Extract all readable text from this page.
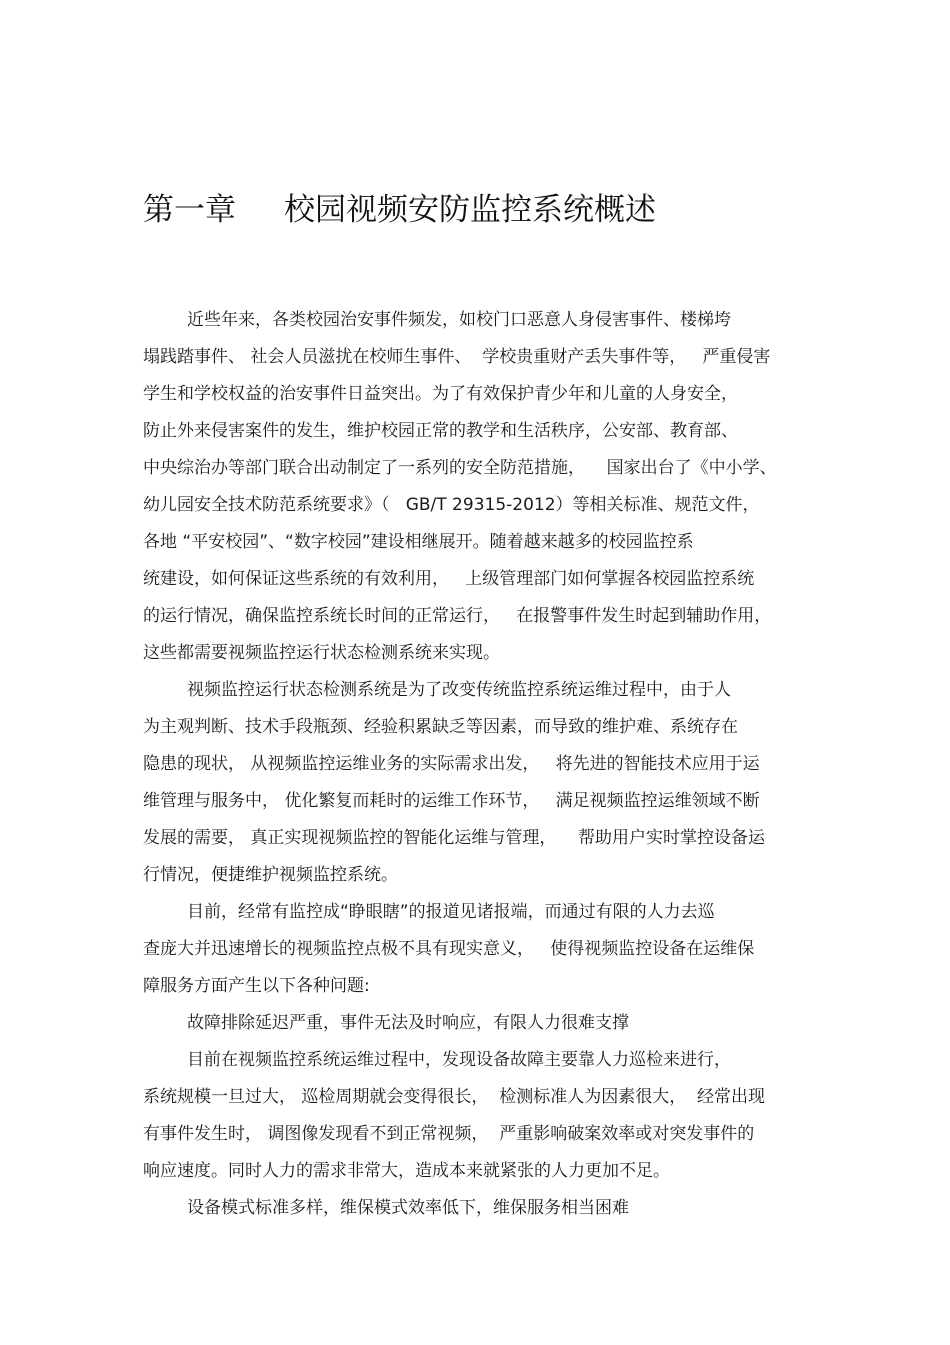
第一章 校园视频安防监控系统概述
近些年来，各类校园治安事件频发，如校门口恶意人身侵害事件、楼梯垮
塌践踏事件、 社会人员滋扰在校师生事件、  学校贵重财产丢失事件等，   严重侵害
学生和学校权益的治安事件日益突出。为了有效保护青少年和儿童的人身安全，
防止外来侵害案件的发生，维护校园正常的教学和生活秩序，公安部、教育部、
中央综治办等部门联合出动制定了一系列的安全防范措施，    国家出台了《中小学、
幼儿园安全技术防范系统要求》（   GB/T 29315-2012）等相关标准、规范文件，
各地 “平安校园”、“数字校园”建设相继展开。随着越来越多的校园监控系
统建设，如何保证这些系统的有效利用，   上级管理部门如何掌握各校园监控系统
的运行情况，确保监控系统长时间的正常运行，   在报警事件发生时起到辅助作用，
这些都需要视频监控运行状态检测系统来实现。
视频监控运行状态检测系统是为了改变传统监控系统运维过程中，由于人
为主观判断、技术手段瓶颈、经验积累缺乏等因素，而导致的维护难、系统存在
隐患的现状， 从视频监控运维业务的实际需求出发，   将先进的智能技术应用于运
维管理与服务中， 优化繁复而耗时的运维工作环节，   满足视频监控运维领域不断
发展的需要， 真正实现视频监控的智能化运维与管理，    帮助用户实时掌控设备运
行情况，便捷维护视频监控系统。
目前，经常有监控成“睁眼瞎”的报道见诸报端，而通过有限的人力去巡
查庞大并迅速增长的视频监控点极不具有现实意义，   使得视频监控设备在运维保
障服务方面产生以下各种问题:
故障排除延迟严重，事件无法及时响应，有限人力很难支撑
目前在视频监控系统运维过程中，发现设备故障主要靠人力巡检来进行，
系统规模一旦过大， 巡检周期就会变得很长，  检测标准人为因素很大，  经常出现
有事件发生时， 调图像发现看不到正常视频，  严重影响破案效率或对突发事件的
响应速度。同时人力的需求非常大，造成本来就紧张的人力更加不足。
设备模式标准多样，维保模式效率低下，维保服务相当困难
